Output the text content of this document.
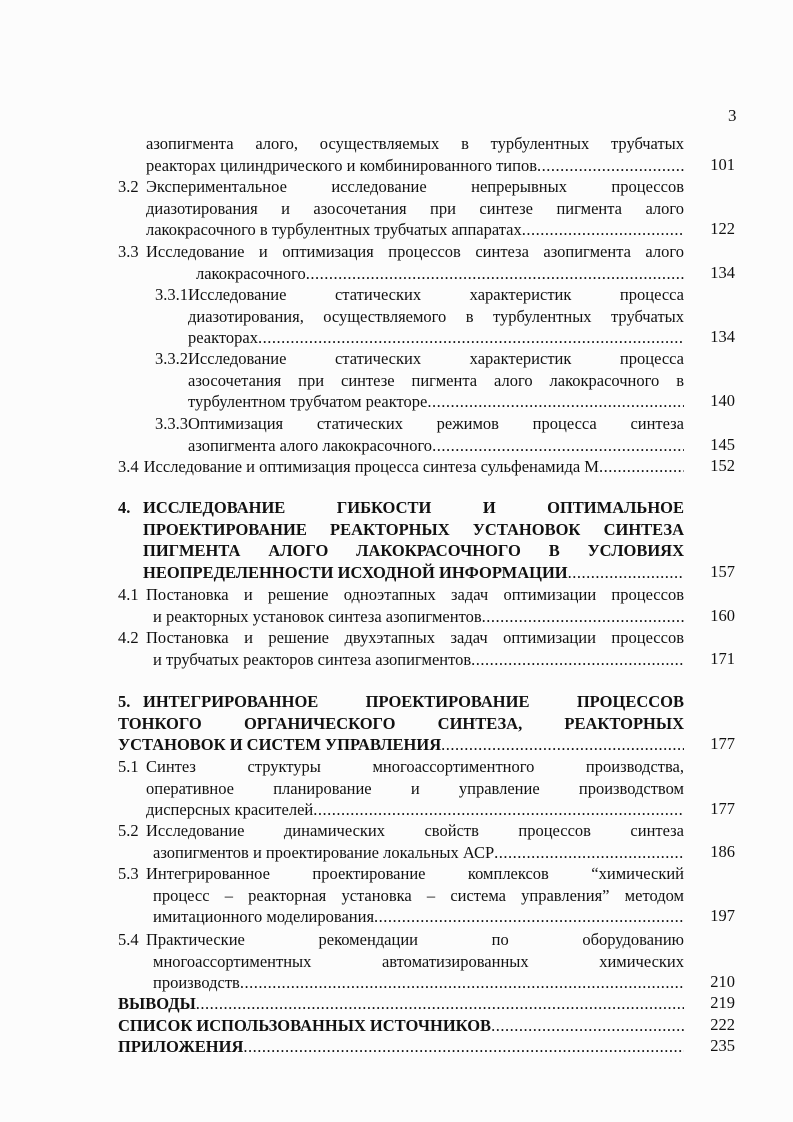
3
азопигмента алого, осуществляемых в турбулентных трубчатых
реакторах цилиндрического и комбинированного типов .....	101
3.2 Экспериментальное исследование непрерывных процессов
диазотирования и азосочетания при синтезе пигмента алого
лакокрасочного в турбулентных трубчатых аппаратах .....	122
3.3 Исследование и оптимизация процессов синтеза азопигмента алого
лакокрасочного .....	134
3.3.1 Исследование статических характеристик процесса
диазотирования, осуществляемого в турбулентных трубчатых
реакторах .....	134
3.3.2 Исследование статических характеристик процесса
азосочетания при синтезе пигмента алого лакокрасочного в
турбулентном трубчатом реакторе .....	140
3.3.3 Оптимизация статических режимов процесса синтеза
азопигмента алого лакокрасочного .....	145
3.4 Исследование и оптимизация процесса синтеза сульфенамида М .....	152
4. ИССЛЕДОВАНИЕ ГИБКОСТИ И ОПТИМАЛЬНОЕ
ПРОЕКТИРОВАНИЕ РЕАКТОРНЫХ УСТАНОВОК СИНТЕЗА
ПИГМЕНТА АЛОГО ЛАКОКРАСОЧНОГО В УСЛОВИЯХ
НЕОПРЕДЕЛЕННОСТИ ИСХОДНОЙ ИНФОРМАЦИИ .....	157
4.1 Постановка и решение одноэтапных задач оптимизации процессов
и реакторных установок синтеза азопигментов .....	160
4.2 Постановка и решение двухэтапных задач оптимизации процессов
и трубчатых реакторов синтеза азопигментов .....	171
5. ИНТЕГРИРОВАННОЕ ПРОЕКТИРОВАНИЕ ПРОЦЕССОВ
ТОНКОГО ОРГАНИЧЕСКОГО СИНТЕЗА, РЕАКТОРНЫХ
УСТАНОВОК И СИСТЕМ УПРАВЛЕНИЯ .....	177
5.1 Синтез структуры многоассортиментного производства,
оперативное планирование и управление производством
дисперсных красителей .....	177
5.2 Исследование динамических свойств процессов синтеза
азопигментов и проектирование локальных АСР .....	186
5.3 Интегрированное проектирование комплексов “химический
процесс – реакторная установка – система управления” методом
имитационного моделирования .....	197
5.4 Практические рекомендации по оборудованию
многоассортиментных автоматизированных химических
производств .....	210
ВЫВОДЫ .....	219
СПИСОК ИСПОЛЬЗОВАННЫХ ИСТОЧНИКОВ .....	222
ПРИЛОЖЕНИЯ .....	235
